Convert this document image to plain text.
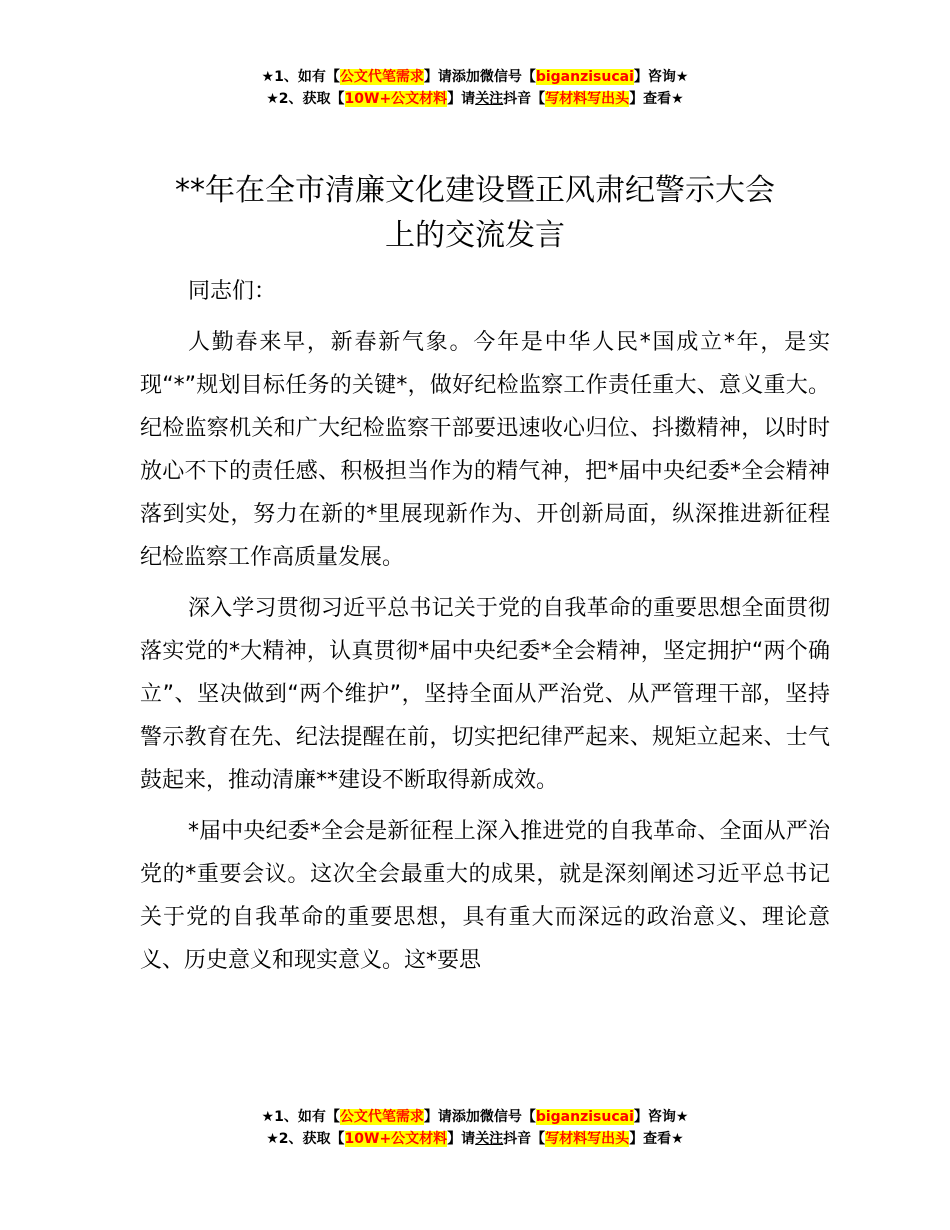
★1、如有【公文代笔需求】请添加微信号【biganzisucai】咨询★
★2、获取【10W+公文材料】请关注抖音【写材料写出头】查看★
**年在全市清廉文化建设暨正风肃纪警示大会
上的交流发言

同志们：

人勤春来早，新春新气象。今年是中华人民*国成立*年，是实现“*”规划目标任务的关键*，做好纪检监察工作责任重大、意义重大。纪检监察机关和广大纪检监察干部要迅速收心归位、抖擞精神，以时时放心不下的责任感、积极担当作为的精气神，把*届中央纪委*全会精神落到实处，努力在新的*里展现新作为、开创新局面，纵深推进新征程纪检监察工作高质量发展。

深入学习贯彻习近平总书记关于党的自我革命的重要思想全面贯彻落实党的*大精神，认真贯彻*届中央纪委*全会精神，坚定拥护“两个确立”、坚决做到“两个维护”，坚持全面从严治党、从严管理干部，坚持警示教育在先、纪法提醒在前，切实把纪律严起来、规矩立起来、士气鼓起来，推动清廉**建设不断取得新成效。

*届中央纪委*全会是新征程上深入推进党的自我革命、全面从严治党的*重要会议。这次全会最重大的成果，就是深刻阐述习近平总书记关于党的自我革命的重要思想，具有重大而深远的政治意义、理论意义、历史意义和现实意义。这*要思

★1、如有【公文代笔需求】请添加微信号【biganzisucai】咨询★
★2、获取【10W+公文材料】请关注抖音【写材料写出头】查看★
